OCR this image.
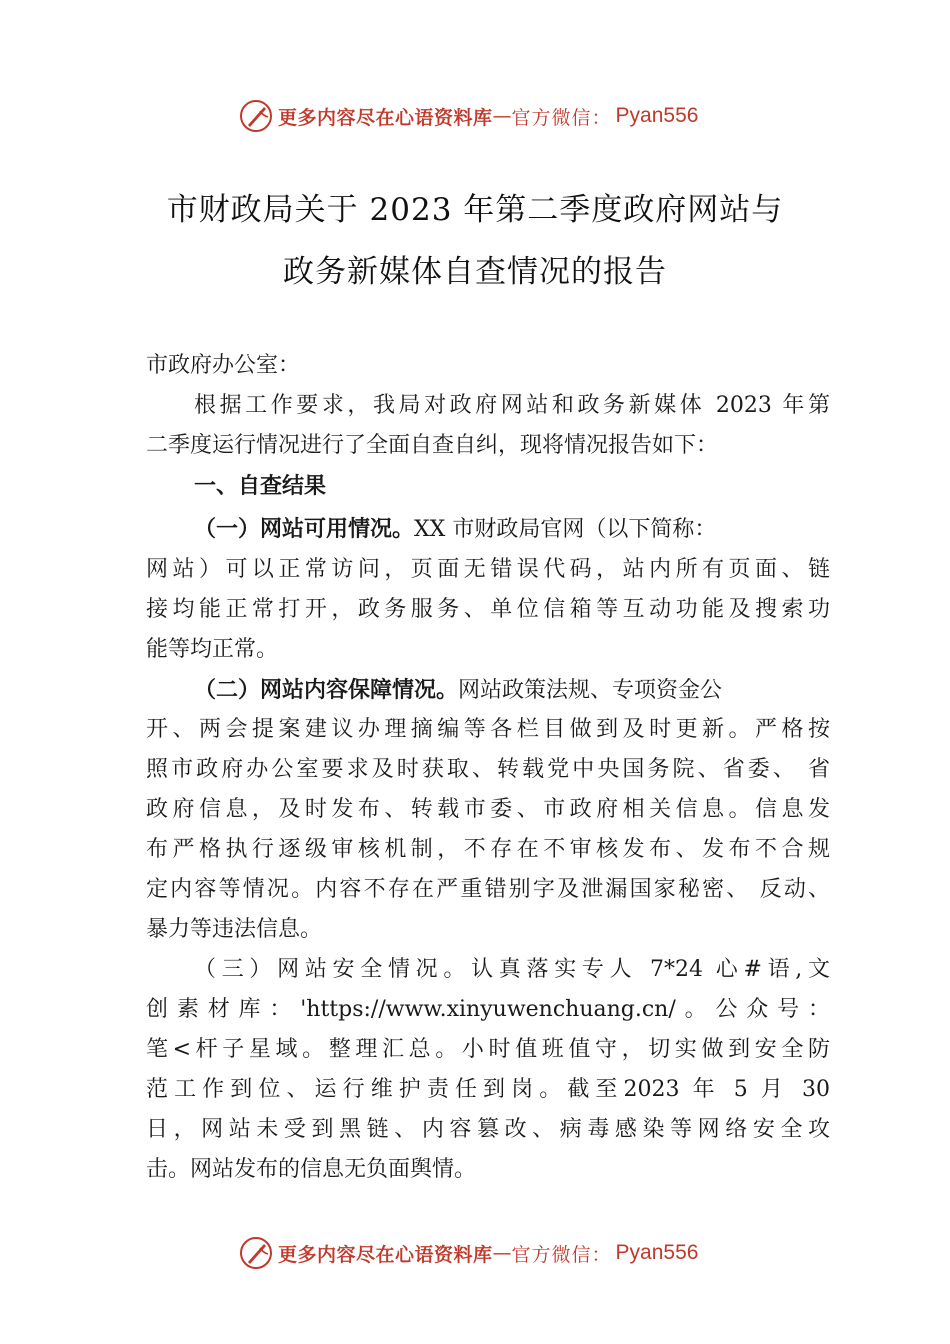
更多内容尽在心语资料库 — 官方微信： Pyan556
市财政局关于 2023 年第二季度政府网站与
政务新媒体自查情况的报告
市政府办公室：
根据工作要求，我局对政府网站和政务新媒体 2023 年第
二季度运行情况进行了全面自查自纠，现将情况报告如下：
一、自查结果
（一）网站可用情况。XX 市财政局官网（以下简称：
网站）可以正常访问，页面无错误代码，站内所有页面、链
接均能正常打开，政务服务、单位信箱等互动功能及搜索功
能等均正常。
（二）网站内容保障情况。网站政策法规、专项资金公
开、两会提案建议办理摘编等各栏目做到及时更新。严格按
照市政府办公室要求及时获取、转载党中央国务院、省委、 省
政府信息，及时发布、转载市委、市政府相关信息。信息发
布严格执行逐级审核机制，不存在不审核发布、发布不合规
定内容等情况。内容不存在严重错别字及泄漏国家秘密、 反动、
暴力等违法信息。
（三）网站安全情况。认真落实专人 7*24 心#语,文
创素材库：'https://www.xinyuwenchuang.cn/。公众号：
笔<杆子星域。整理汇总。小时值班值守，切实做到安全防
范工作到位、运行维护责任到岗。截至2023 年 5 月 30
日，网站未受到黑链、内容篡改、病毒感染等网络安全攻
击。网站发布的信息无负面舆情。
更多内容尽在心语资料库 — 官方微信： Pyan556
